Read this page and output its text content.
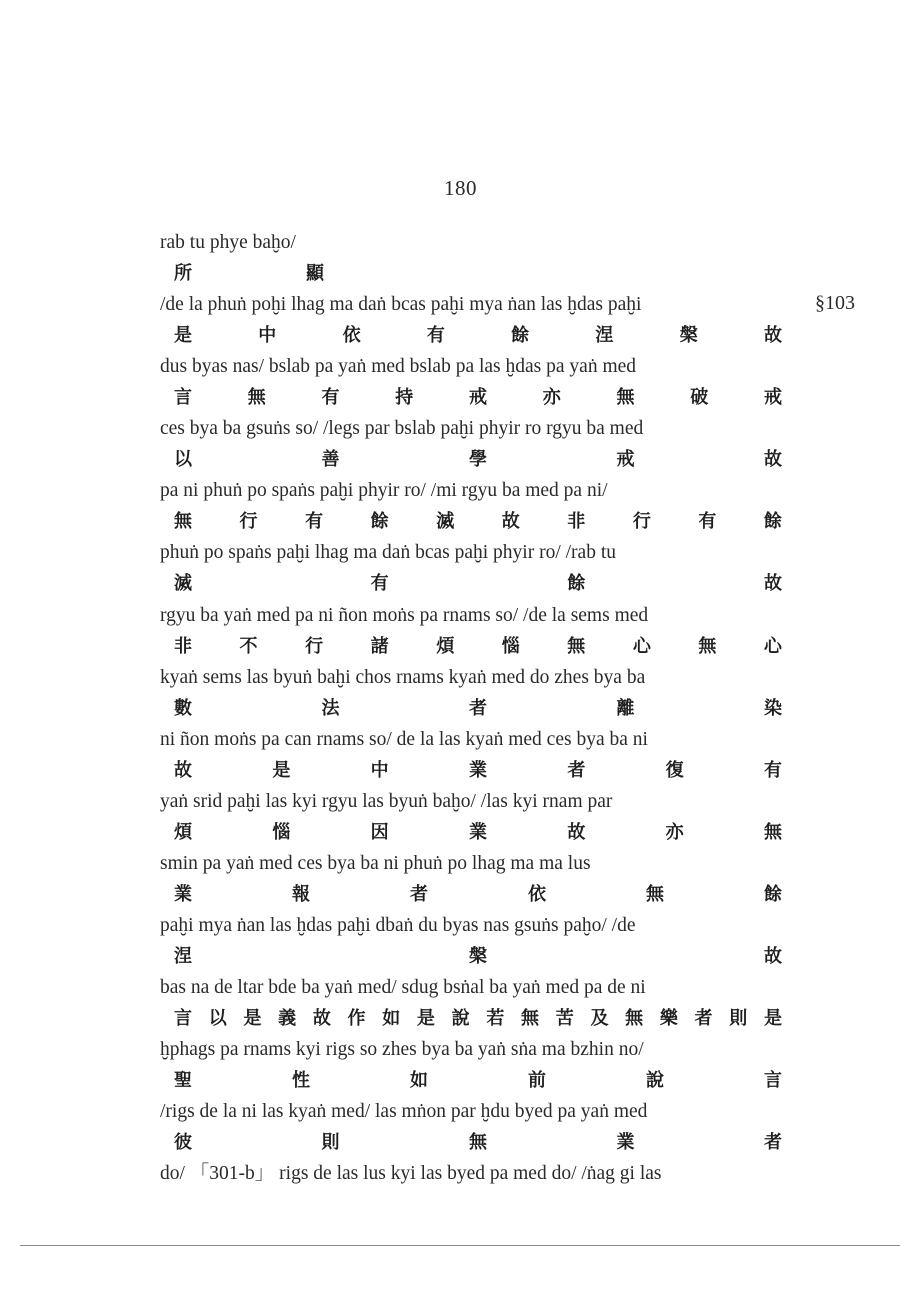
180
§103
rab tu phye baḫo/
所	顯
/de la phuṅ poḫi lhag ma daṅ bcas paḫi mya ṅan las ḫdas paḫi
是	中	依	有	餘	涅	槃	故
dus byas nas/ bslab pa yaṅ med bslab pa las ḫdas pa yaṅ med
言	無	有	持	戒	亦	無	破	戒
ces bya ba gsuṅs so/ /legs par bslab paḫi phyir ro rgyu ba med
以	善	學	戒	故
pa ni phuṅ po spaṅs paḫi phyir ro/ /mi rgyu ba med pa ni/
無	行	有	餘	滅	故	非	行	有	餘
phuṅ po spaṅs paḫi lhag ma daṅ bcas paḫi phyir ro/ /rab tu
滅	有	餘	故
rgyu ba yaṅ med pa ni ñon moṅs pa rnams so/ /de la sems med
非	不	行	諸	煩	惱	無	心	無	心
kyaṅ sems las byuṅ baḫi chos rnams kyaṅ med do zhes bya ba
數	法	者	離	染
ni ñon moṅs pa can rnams so/ de la las kyaṅ med ces bya ba ni
故	是	中	業	者	復	有
yaṅ srid paḫi las kyi rgyu las byuṅ baḫo/ /las kyi rnam par
煩	惱	因	業	故	亦	無
smin pa yaṅ med ces bya ba ni phuṅ po lhag ma ma lus
業	報	者	依	無	餘
paḫi mya ṅan las ḫdas paḫi dbaṅ du byas nas gsuṅs paḫo/ /de
涅	槃	故
bas na de ltar bde ba yaṅ med/ sdug bsṅal ba yaṅ med pa de ni
言 以 是 義 故 作 如 是 說 若 無 苦 及 無 樂 者 則 是
ḫphags pa rnams kyi rigs so zhes bya ba yaṅ sṅa ma bzhin no/
聖	性	如	前	說	言
/rigs de la ni las kyaṅ med/ las mṅon par ḫdu byed pa yaṅ med
彼	則	無	業	者
do/ 「301-b」 rigs de las lus kyi las byed pa med do/ /ṅag gi las
